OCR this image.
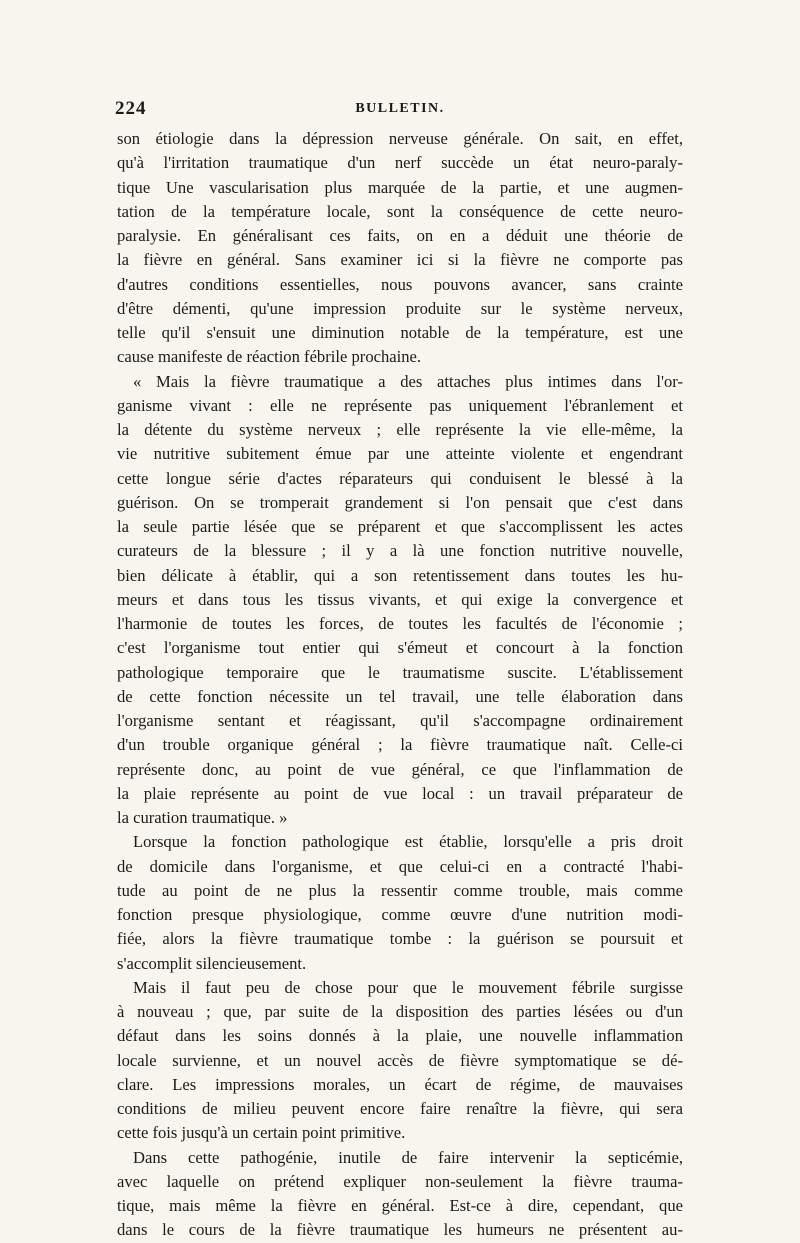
224	BULLETIN.
son étiologie dans la dépression nerveuse générale. On sait, en effet,
qu'à l'irritation traumatique d'un nerf succède un état neuro-paraly-
tique Une vascularisation plus marquée de la partie, et une augmen-
tation de la température locale, sont la conséquence de cette neuro-
paralysie. En généralisant ces faits, on en a déduit une théorie de
la fièvre en général. Sans examiner ici si la fièvre ne comporte pas
d'autres conditions essentielles, nous pouvons avancer, sans crainte
d'être démenti, qu'une impression produite sur le système nerveux,
telle qu'il s'ensuit une diminution notable de la température, est une
cause manifeste de réaction fébrile prochaine.
« Mais la fièvre traumatique a des attaches plus intimes dans l'or-
ganisme vivant : elle ne représente pas uniquement l'ébranlement et
la détente du système nerveux ; elle représente la vie elle-même, la
vie nutritive subitement émue par une atteinte violente et engendrant
cette longue série d'actes réparateurs qui conduisent le blessé à la
guérison. On se tromperait grandement si l'on pensait que c'est dans
la seule partie lésée que se préparent et que s'accomplissent les actes
curateurs de la blessure ; il y a là une fonction nutritive nouvelle,
bien délicate à établir, qui a son retentissement dans toutes les hu-
meurs et dans tous les tissus vivants, et qui exige la convergence et
l'harmonie de toutes les forces, de toutes les facultés de l'économie ;
c'est l'organisme tout entier qui s'émeut et concourt à la fonction
pathologique temporaire que le traumatisme suscite. L'établissement
de cette fonction nécessite un tel travail, une telle élaboration dans
l'organisme sentant et réagissant, qu'il s'accompagne ordinairement
d'un trouble organique général ; la fièvre traumatique naît. Celle-ci
représente donc, au point de vue général, ce que l'inflammation de
la plaie représente au point de vue local : un travail préparateur de
la curation traumatique. »
Lorsque la fonction pathologique est établie, lorsqu'elle a pris droit
de domicile dans l'organisme, et que celui-ci en a contracté l'habi-
tude au point de ne plus la ressentir comme trouble, mais comme
fonction presque physiologique, comme œuvre d'une nutrition modi-
fiée, alors la fièvre traumatique tombe : la guérison se poursuit et
s'accomplit silencieusement.
Mais il faut peu de chose pour que le mouvement fébrile surgisse
à nouveau ; que, par suite de la disposition des parties lésées ou d'un
défaut dans les soins donnés à la plaie, une nouvelle inflammation
locale survienne, et un nouvel accès de fièvre symptomatique se dé-
clare. Les impressions morales, un écart de régime, de mauvaises
conditions de milieu peuvent encore faire renaître la fièvre, qui sera
cette fois jusqu'à un certain point primitive.
Dans cette pathogénie, inutile de faire intervenir la septicémie,
avec laquelle on prétend expliquer non-seulement la fièvre trauma-
tique, mais même la fièvre en général. Est-ce à dire, cependant, que
dans le cours de la fièvre traumatique les humeurs ne présentent au-
